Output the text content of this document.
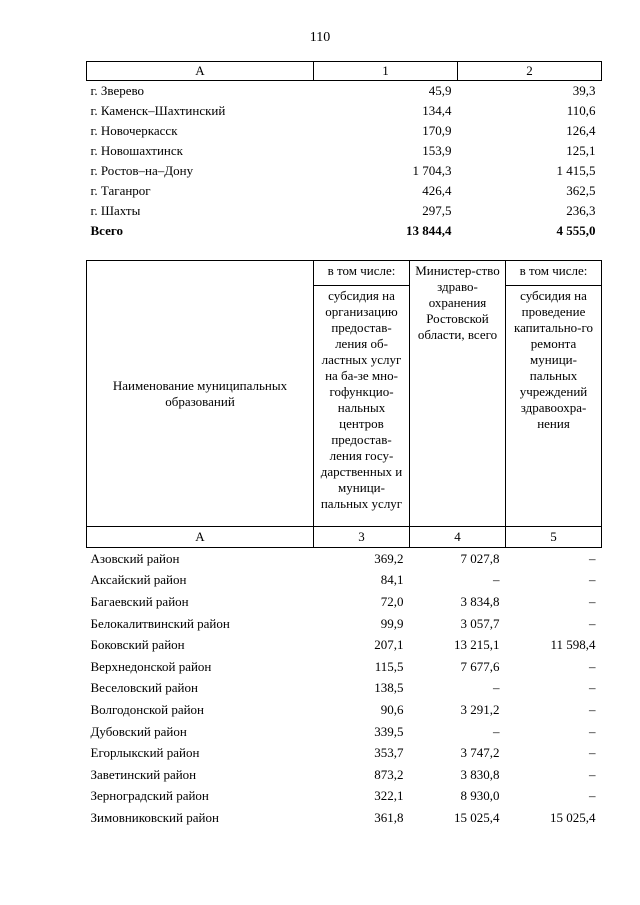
110
А	1	2
г. Зверево	45,9	39,3
г. Каменск–Шахтинский	134,4	110,6
г. Новочеркасск	170,9	126,4
г. Новошахтинск	153,9	125,1
г. Ростов–на–Дону	1 704,3	1 415,5
г. Таганрог	426,4	362,5
г. Шахты	297,5	236,3
Всего	13 844,4	4 555,0
Наименование муниципальных образований	в том числе:	Министер-ство здраво-охранения Ростовской области, всего	в том числе:
	субсидия на организацию предостав-ления об-ластных услуг на ба-зе мно-гофункцио-нальных центров предостав-ления госу-дарственных и муници-пальных услуг		субсидия на проведение капитально-го ремонта муници-пальных учреждений здравоохра-нения
А	3	4	5
Азовский район	369,2	7 027,8	–
Аксайский район	84,1	–	–
Багаевский район	72,0	3 834,8	–
Белокалитвинский район	99,9	3 057,7	–
Боковский район	207,1	13 215,1	11 598,4
Верхнедонской район	115,5	7 677,6	–
Веселовский район	138,5	–	–
Волгодонской район	90,6	3 291,2	–
Дубовский район	339,5	–	–
Егорлыкский район	353,7	3 747,2	–
Заветинский район	873,2	3 830,8	–
Зерноградский район	322,1	8 930,0	–
Зимовниковский район	361,8	15 025,4	15 025,4
